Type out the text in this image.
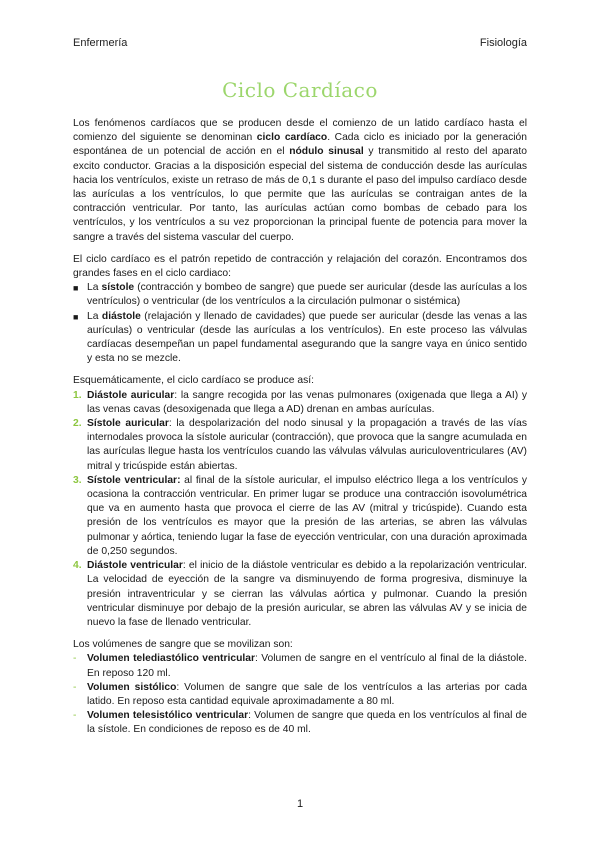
Enfermería	Fisiología
Ciclo Cardíaco

Los fenómenos cardíacos que se producen desde el comienzo de un latido cardíaco hasta el comienzo del siguiente se denominan ciclo cardíaco. Cada ciclo es iniciado por la generación espontánea de un potencial de acción en el nódulo sinusal y transmitido al resto del aparato excito conductor. Gracias a la disposición especial del sistema de conducción desde las aurículas hacia los ventrículos, existe un retraso de más de 0,1 s durante el paso del impulso cardíaco desde las aurículas a los ventrículos, lo que permite que las aurículas se contraigan antes de la contracción ventricular. Por tanto, las aurículas actúan como bombas de cebado para los ventrículos, y los ventrículos a su vez proporcionan la principal fuente de potencia para mover la sangre a través del sistema vascular del cuerpo.

El ciclo cardíaco es el patrón repetido de contracción y relajación del corazón. Encontramos dos grandes fases en el ciclo cardiaco:
■ La sístole (contracción y bombeo de sangre) que puede ser auricular (desde las aurículas a los ventrículos) o ventricular (de los ventrículos a la circulación pulmonar o sistémica)
■ La diástole (relajación y llenado de cavidades) que puede ser auricular (desde las venas a las aurículas) o ventricular (desde las aurículas a los ventrículos). En este proceso las válvulas cardíacas desempeñan un papel fundamental asegurando que la sangre vaya en único sentido y esta no se mezcle.
Esquemáticamente, el ciclo cardíaco se produce así:
1. Diástole auricular: la sangre recogida por las venas pulmonares (oxigenada que llega a AI) y las venas cavas (desoxigenada que llega a AD) drenan en ambas aurículas.
2. Sístole auricular: la despolarización del nodo sinusal y la propagación a través de las vías internodales provoca la sístole auricular (contracción), que provoca que la sangre acumulada en las aurículas llegue hasta los ventrículos cuando las válvulas válvulas auriculoventriculares (AV) mitral y tricúspide están abiertas.
3. Sístole ventricular: al final de la sístole auricular, el impulso eléctrico llega a los ventrículos y ocasiona la contracción ventricular. En primer lugar se produce una contracción isovolumétrica que va en aumento hasta que provoca el cierre de las AV (mitral y tricúspide). Cuando esta presión de los ventrículos es mayor que la presión de las arterias, se abren las válvulas pulmonar y aórtica, teniendo lugar la fase de eyección ventricular, con una duración aproximada de 0,250 segundos.
4. Diástole ventricular: el inicio de la diástole ventricular es debido a la repolarización ventricular. La velocidad de eyección de la sangre va disminuyendo de forma progresiva, disminuye la presión intraventricular y se cierran las válvulas aórtica y pulmonar. Cuando la presión ventricular disminuye por debajo de la presión auricular, se abren las válvulas AV y se inicia de nuevo la fase de llenado ventricular.
Los volúmenes de sangre que se movilizan son:
- Volumen telediastólico ventricular: Volumen de sangre en el ventrículo al final de la diástole. En reposo 120 ml.
- Volumen sistólico: Volumen de sangre que sale de los ventrículos a las arterias por cada latido. En reposo esta cantidad equivale aproximadamente a 80 ml.
- Volumen telesistólico ventricular: Volumen de sangre que queda en los ventrículos al final de la sístole. En condiciones de reposo es de 40 ml.
1
